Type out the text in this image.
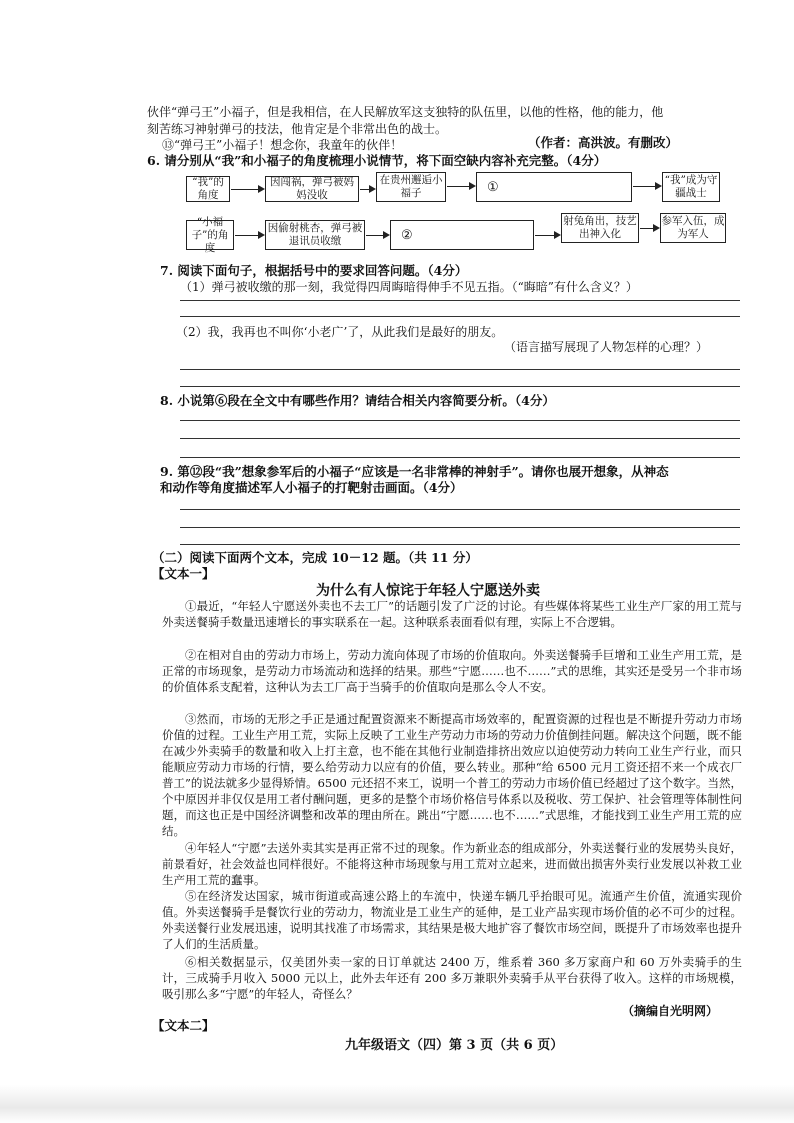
伙伴“弹弓王”小福子，但是我相信，在人民解放军这支独特的队伍里，以他的性格，他的能力，他
刻苦练习神射弹弓的技法，他肯定是个非常出色的战士。
⑬“弹弓王”小福子！想念你，我童年的伙伴！	（作者：高洪波。有删改）
6. 请分别从“我”和小福子的角度梳理小说情节，将下面空缺内容补充完整。（4分）
“我”的角度
因闯祸，弹弓被妈妈没收
在贵州邂逅小福子	①	“我”成为守疆战士
“小福子”的角度
因偷射桃杏，弹弓被退讯员收缴	②
射兔角出，技艺出神入化
参军入伍，成为军人
7. 阅读下面句子，根据括号中的要求回答问题。（4分）
（1）弹弓被收缴的那一刻，我觉得四周晦暗得伸手不见五指。（“晦暗”有什么含义？）
（2）我，我再也不叫你‘小老广’了，从此我们是最好的朋友。
（语言描写展现了人物怎样的心理？）
8. 小说第⑥段在全文中有哪些作用？请结合相关内容简要分析。（4分）
9. 第⑫段“我”想象参军后的小福子“应该是一名非常棒的神射手”。请你也展开想象，从神态
和动作等角度描述军人小福子的打靶射击画面。（4分）
（二）阅读下面两个文本，完成 10－12 题。（共 11 分）
【文本一】
为什么有人惊诧于年轻人宁愿送外卖
①最近，“年轻人宁愿送外卖也不去工厂”的话题引发了广泛的讨论。有些媒体将某些工业生产厂家的用工荒与外卖送餐骑手数量迅速增长的事实联系在一起。这种联系表面看似有理，实际上不合逻辑。
②在相对自由的劳动力市场上，劳动力流向体现了市场的价值取向。外卖送餐骑手巨增和工业生产用工荒，是正常的市场现象，是劳动力市场流动和选择的结果。那些“宁愿……也不……”式的思维，其实还是受另一个非市场的价值体系支配着，这种认为去工厂高于当骑手的价值取向是那么令人不安。
③然而，市场的无形之手正是通过配置资源来不断提高市场效率的，配置资源的过程也是不断提升劳动力市场价值的过程。工业生产用工荒，实际上反映了工业生产劳动力市场的劳动力价值倒挂问题。解决这个问题，既不能在减少外卖骑手的数量和收入上打主意，也不能在其他行业制造排挤出效应以迫使劳动力转向工业生产行业，而只能顺应劳动力市场的行情，要么给劳动力以应有的价值，要么转业。那种“给 6500 元月工资还招不来一个成衣厂普工”的说法就多少显得矫情。6500 元还招不来工，说明一个普工的劳动力市场价值已经超过了这个数字。当然，个中原因并非仅仅是用工者付酬问题，更多的是整个市场价格信号体系以及税收、劳工保护、社会管理等体制性问题，而这也正是中国经济调整和改革的理由所在。跳出“宁愿……也不……”式思维，才能找到工业生产用工荒的应结。
④年轻人“宁愿”去送外卖其实是再正常不过的现象。作为新业态的组成部分，外卖送餐行业的发展势头良好，前景看好，社会效益也同样很好。不能将这种市场现象与用工荒对立起来，进而做出损害外卖行业发展以补救工业生产用工荒的蠢事。
⑤在经济发达国家，城市街道或高速公路上的车流中，快递车辆几乎抬眼可见。流通产生价值，流通实现价值。外卖送餐骑手是餐饮行业的劳动力，物流业是工业生产的延伸，是工业产品实现市场价值的必不可少的过程。外卖送餐行业发展迅速，说明其找准了市场需求，其结果是极大地扩容了餐饮市场空间，既提升了市场效率也提升了人们的生活质量。
⑥相关数据显示，仅美团外卖一家的日订单就达 2400 万，维系着 360 多万家商户和 60 万外卖骑手的生计，三成骑手月收入 5000 元以上，此外去年还有 200 多万兼职外卖骑手从平台获得了收入。这样的市场规模，吸引那么多“宁愿”的年轻人，奇怪么？
（摘编自光明网）
【文本二】
九年级语文（四）第 3 页（共 6 页）
